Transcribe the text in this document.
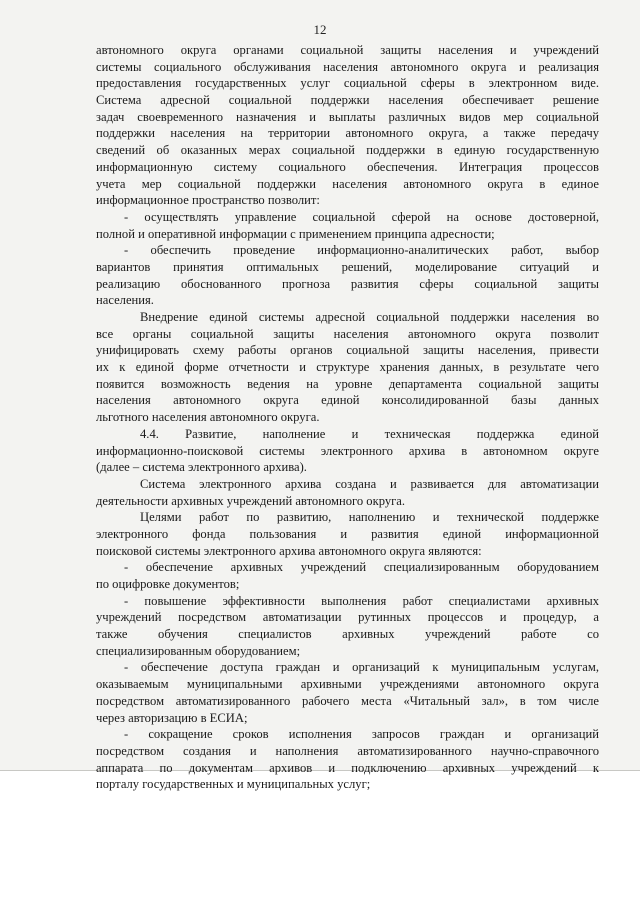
12
автономного округа органами социальной защиты населения и учреждений
системы социального обслуживания населения автономного округа и реализация
предоставления государственных услуг социальной сферы в электронном виде.
Система адресной социальной поддержки населения обеспечивает решение
задач своевременного назначения и выплаты различных видов мер социальной
поддержки населения на территории автономного округа, а также передачу
сведений об оказанных мерах социальной поддержки в единую государственную
информационную систему социального обеспечения. Интеграция процессов
учета мер социальной поддержки населения автономного округа в единое
информационное пространство позволит:
- осуществлять управление социальной сферой на основе достоверной,
полной и оперативной информации с применением принципа адресности;
- обеспечить проведение информационно-аналитических работ, выбор
вариантов принятия оптимальных решений, моделирование ситуаций и
реализацию обоснованного прогноза развития сферы социальной защиты
населения.
Внедрение единой системы адресной социальной поддержки населения во
все органы социальной защиты населения автономного округа позволит
унифицировать схему работы органов социальной защиты населения, привести
их к единой форме отчетности и структуре хранения данных, в результате чего
появится возможность ведения на уровне департамента социальной защиты
населения автономного округа единой консолидированной базы данных
льготного населения автономного округа.
4.4. Развитие, наполнение и техническая поддержка единой
информационно-поисковой системы электронного архива в автономном округе
(далее – система электронного архива).
Система электронного архива создана и развивается для автоматизации
деятельности архивных учреждений автономного округа.
Целями работ по развитию, наполнению и технической поддержке
электронного фонда пользования и развития единой информационной
поисковой системы электронного архива автономного округа являются:
- обеспечение архивных учреждений специализированным оборудованием
по оцифровке документов;
- повышение эффективности выполнения работ специалистами архивных
учреждений посредством автоматизации рутинных процессов и процедур, а
также обучения специалистов архивных учреждений работе со
специализированным оборудованием;
- обеспечение доступа граждан и организаций к муниципальным услугам,
оказываемым муниципальными архивными учреждениями автономного округа
посредством автоматизированного рабочего места «Читальный зал», в том числе
через авторизацию в ЕСИА;
- сокращение сроков исполнения запросов граждан и организаций
посредством создания и наполнения автоматизированного научно-справочного
аппарата по документам архивов и подключению архивных учреждений к
порталу государственных и муниципальных услуг;
